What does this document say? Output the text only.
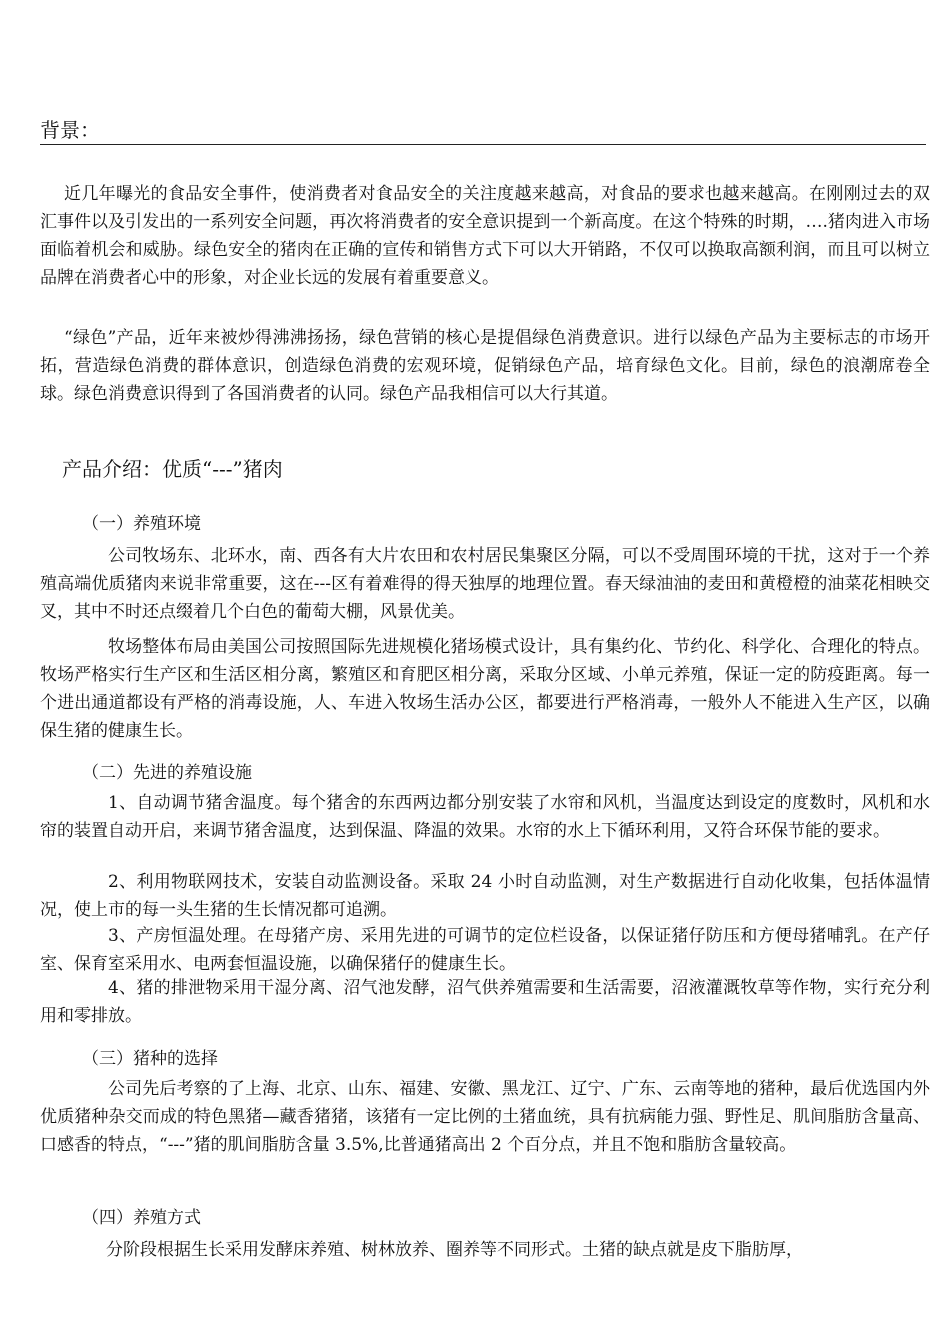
背景：

近几年曝光的食品安全事件，使消费者对食品安全的关注度越来越高，对食品的要求也越来越高。在刚刚过去的双汇事件以及引发出的一系列安全问题，再次将消费者的安全意识提到一个新高度。在这个特殊的时期，….猪肉进入市场面临着机会和威胁。绿色安全的猪肉在正确的宣传和销售方式下可以大开销路，不仅可以换取高额利润，而且可以树立品牌在消费者心中的形象，对企业长远的发展有着重要意义。

“绿色”产品，近年来被炒得沸沸扬扬，绿色营销的核心是提倡绿色消费意识。进行以绿色产品为主要标志的市场开拓，营造绿色消费的群体意识，创造绿色消费的宏观环境，促销绿色产品，培育绿色文化。目前，绿色的浪潮席卷全球。绿色消费意识得到了各国消费者的认同。绿色产品我相信可以大行其道。

产品介绍：优质“---”猪肉
（一）养殖环境

公司牧场东、北环水，南、西各有大片农田和农村居民集聚区分隔，可以不受周围环境的干扰，这对于一个养殖高端优质猪肉来说非常重要，这在---区有着难得的得天独厚的地理位置。春天绿油油的麦田和黄橙橙的油菜花相映交叉，其中不时还点缀着几个白色的葡萄大棚，风景优美。

牧场整体布局由美国公司按照国际先进规模化猪场模式设计，具有集约化、节约化、科学化、合理化的特点。牧场严格实行生产区和生活区相分离，繁殖区和育肥区相分离，采取分区域、小单元养殖，保证一定的防疫距离。每一个进出通道都设有严格的消毒设施，人、车进入牧场生活办公区，都要进行严格消毒，一般外人不能进入生产区，以确保生猪的健康生长。

（二）先进的养殖设施

1、自动调节猪舍温度。每个猪舍的东西两边都分别安装了水帘和风机，当温度达到设定的度数时，风机和水帘的装置自动开启，来调节猪舍温度，达到保温、降温的效果。水帘的水上下循环利用，又符合环保节能的要求。

2、利用物联网技术，安装自动监测设备。采取 24 小时自动监测，对生产数据进行自动化收集，包括体温情况，使上市的每一头生猪的生长情况都可追溯。

3、产房恒温处理。在母猪产房、采用先进的可调节的定位栏设备，以保证猪仔防压和方便母猪哺乳。在产仔室、保育室采用水、电两套恒温设施，以确保猪仔的健康生长。

4、猪的排泄物采用干湿分离、沼气池发酵，沼气供养殖需要和生活需要，沼液灌溉牧草等作物，实行充分利用和零排放。

（三）猪种的选择

公司先后考察的了上海、北京、山东、福建、安徽、黑龙江、辽宁、广东、云南等地的猪种，最后优选国内外优质猪种杂交而成的特色黑猪—藏香猪猪，该猪有一定比例的土猪血统，具有抗病能力强、野性足、肌间脂肪含量高、口感香的特点，“---”猪的肌间脂肪含量 3.5%,比普通猪高出 2 个百分点，并且不饱和脂肪含量较高。

（四）养殖方式

分阶段根据生长采用发酵床养殖、树林放养、圈养等不同形式。土猪的缺点就是皮下脂肪厚，
